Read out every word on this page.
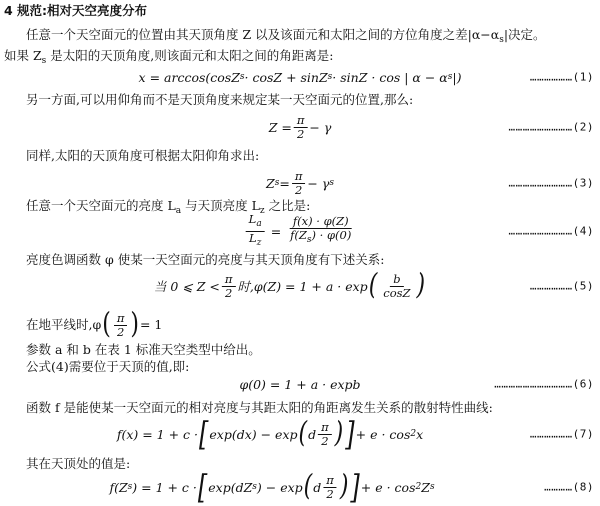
4 规范:相对天空亮度分布
任意一个天空面元的位置由其天顶角度 Z 以及该面元和太阳之间的方位角度之差$|\alpha-\alpha_s|$决定。
如果 $Z_s$ 是太阳的天顶角度,则该面元和太阳之间的角距离是:
x = arccos(cosZ s · cosZ + sinZ s · sinZ · cos | α − α s |)	………………(1)
另一方面,可以用仰角而不是天顶角度来规定某一天空面元的位置,那么:
$Z = \frac{\pi}{2} - \gamma$	………………………(2)
同样,太阳的天顶角度可根据太阳仰角求出:
Z $s = \frac{\pi}{2} - \gamma$ s	………………………(3)
任意一个天空面元的亮度 $L_a$ 与天顶亮度 $L_z$ 之比是:
$\frac{L_a}{L_z} = \frac{f(x) \cdot \varphi(Z)}{f(Z_s) \cdot \varphi(0)}$	………………………(4)
亮度色调函数 φ 使某一天空面元的亮度与其天顶角度有下述关系:
当 0 ⩽ $Z < \frac{\pi}{2}$ 时,φ(Z) = 1 + a · exp ( $\frac{b}{\cos Z}$ )	………………(5)
在地平线时,φ ( $\frac{\pi}{2}$ ) = 1
参数 a 和 b 在表 1 标准天空类型中给出。
公式(4)需要位于天顶的值,即:
φ(0) = 1 + a · expb	……………………………(6)
函数 f 是能使某一天空面元的相对亮度与其距太阳的角距离发生关系的散射特性曲线:
f(x) = 1 + c · [ exp(dx) − exp ( d $\frac{\pi}{2}$ ) ] + e · cos 2 x	………………(7)
其在天顶处的值是:
f(Z s ) = 1 + c · [ exp(dZ s ) − exp ( d $\frac{\pi}{2}$ ) ] + e · cos 2 Z s	…………(8)
